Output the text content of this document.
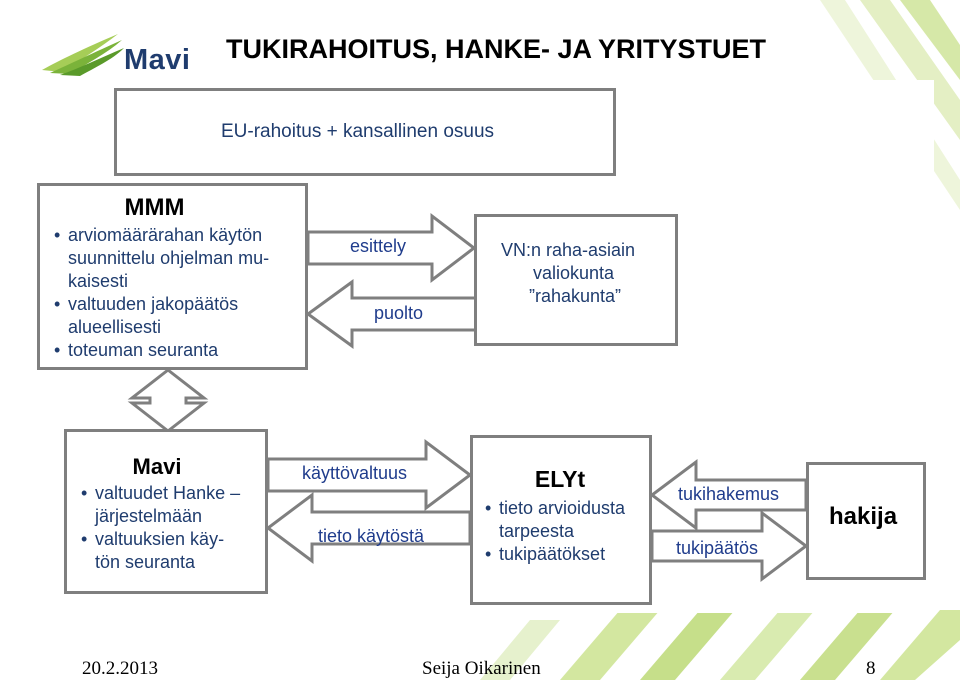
Mavi TUKIRAHOITUS, HANKE- JA YRITYSTUET
EU-rahoitus + kansallinen osuus
MMM
• arviomäärärahan käytön suunnittelu ohjelman mu-kaisesti
• valtuuden jakopäätös alueellisesti
• toteuman seuranta
VN:n raha-asiain
valiokunta
”rahakunta”
Mavi
• valtuudet Hanke – järjestelmään
• valtuuksien käy-tön seuranta
ELYt
• tieto arvioidusta tarpeesta
• tukipäätökset
hakija
esittely
puolto
käyttövaltuus
tieto käytöstä
tukihakemus
tukipäätös
20.2.2013	Seija Oikarinen	8
